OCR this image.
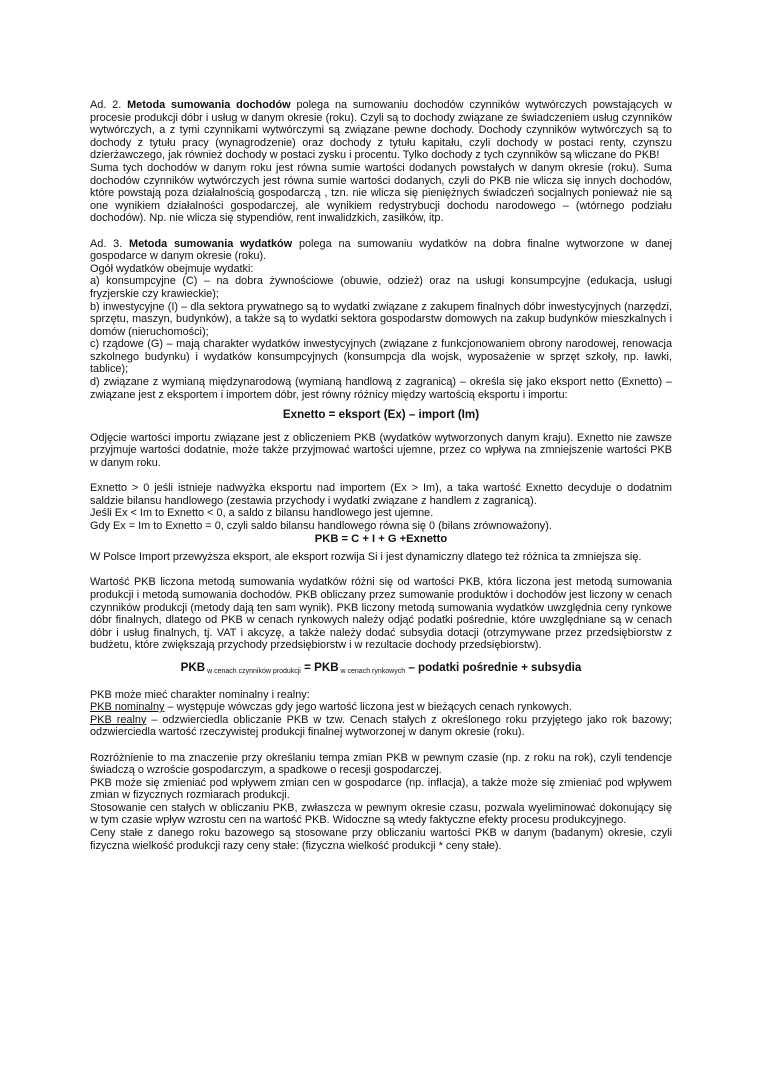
Ad. 2. Metoda sumowania dochodów polega na sumowaniu dochodów czynników wytwórczych powstających w procesie produkcji dóbr i usług w danym okresie (roku). Czyli są to dochody związane ze świadczeniem usług czynników wytwórczych, a z tymi czynnikami wytwórczymi są związane pewne dochody. Dochody czynników wytwórczych są to dochody z tytułu pracy (wynagrodzenie) oraz dochody z tytułu kapitału, czyli dochody w postaci renty, czynszu dzierżawczego, jak również dochody w postaci zysku i procentu. Tylko dochody z tych czynników są wliczane do PKB!

Suma tych dochodów w danym roku jest równa sumie wartości dodanych powstałych w danym okresie (roku). Suma dochodów czynników wytwórczych jest równa sumie wartości dodanych, czyli do PKB nie wlicza się innych dochodów, które powstają poza działalnością gospodarczą , tzn. nie wlicza się pieniężnych świadczeń socjalnych ponieważ nie są one wynikiem działalności gospodarczej, ale wynikiem redystrybucji dochodu narodowego – (wtórnego podziału dochodów). Np. nie wlicza się stypendiów, rent inwalidzkich, zasiłków, itp.

Ad. 3. Metoda sumowania wydatków polega na sumowaniu wydatków na dobra finalne wytworzone w danej gospodarce w danym okresie (roku).

Ogół wydatków obejmuje wydatki:

a) konsumpcyjne (C) – na dobra żywnościowe (obuwie, odzież) oraz na usługi konsumpcyjne (edukacja, usługi fryzjerskie czy krawieckie);

b) inwestycyjne (I) – dla sektora prywatnego są to wydatki związane z zakupem finalnych dóbr inwestycyjnych (narzędzi, sprzętu, maszyn, budynków), a także są to wydatki sektora gospodarstw domowych na zakup budynków mieszkalnych i domów (nieruchomości);

c) rządowe (G) – mają charakter wydatków inwestycyjnych (związane z funkcjonowaniem obrony narodowej, renowacja szkolnego budynku) i wydatków konsumpcyjnych (konsumpcja dla wojsk, wyposażenie w sprzęt szkoły, np. ławki, tablice);

d) związane z wymianą międzynarodową (wymianą handlową z zagranicą) – określa się jako eksport netto (Exnetto) – związane jest z eksportem i importem dóbr, jest równy różnicy między wartością eksportu i importu:

Exnetto = eksport (Ex) – import (Im)

Odjęcie wartości importu związane jest z obliczeniem PKB (wydatków wytworzonych danym kraju). Exnetto nie zawsze przyjmuje wartości dodatnie, może także przyjmować wartości ujemne, przez co wpływa na zmniejszenie wartości PKB w danym roku.

Exnetto > 0 jeśli istnieje nadwyżka eksportu nad importem (Ex > Im), a taka wartość Exnetto decyduje o dodatnim saldzie bilansu handlowego (zestawia przychody i wydatki związane z handlem z zagranicą).

Jeśli Ex < Im to Exnetto < 0, a saldo z bilansu handlowego jest ujemne.

Gdy Ex = Im to Exnetto = 0, czyli saldo bilansu handlowego równa się 0 (bilans zrównoważony).

PKB = C + I + G +Exnetto

W Polsce Import przewyższa eksport, ale eksport rozwija Si i jest dynamiczny dlatego też różnica ta zmniejsza się.

Wartość PKB liczona metodą sumowania wydatków różni się od wartości PKB, która liczona jest metodą sumowania produkcji i metodą sumowania dochodów. PKB obliczany przez sumowanie produktów i dochodów jest liczony w cenach czynników produkcji (metody dają ten sam wynik). PKB liczony metodą sumowania wydatków uwzględnia ceny rynkowe dóbr finalnych, dlatego od PKB w cenach rynkowych należy odjąć podatki pośrednie, które uwzględniane są w cenach dóbr i usług finalnych, tj. VAT i akcyzę, a także należy dodać subsydia dotacji (otrzymywane przez przedsiębiorstw z budżetu, które zwiększają przychody przedsiębiorstw i w rezultacie dochody przedsiębiorstw).

PKB $_{w cenach czynników produkcji}$ = PKB $_{w cenach rynkowych}$ – podatki pośrednie + subsydia

PKB może mieć charakter nominalny i realny:

PKB nominalny – występuje wówczas gdy jego wartość liczona jest w bieżących cenach rynkowych.

PKB realny – odzwierciedla obliczanie PKB w tzw. Cenach stałych z określonego roku przyjętego jako rok bazowy; odzwierciedla wartość rzeczywistej produkcji finalnej wytworzonej w danym okresie (roku).

Rozróżnienie to ma znaczenie przy określaniu tempa zmian PKB w pewnym czasie (np. z roku na rok), czyli tendencje świadczą o wzroście gospodarczym, a spadkowe o recesji gospodarczej.

PKB może się zmieniać pod wpływem zmian cen w gospodarce (np. inflacja), a także może się zmieniać pod wpływem zmian w fizycznych rozmiarach produkcji.

Stosowanie cen stałych w obliczaniu PKB, zwłaszcza w pewnym okresie czasu, pozwala wyeliminować dokonujący się w tym czasie wpływ wzrostu cen na wartość PKB. Widoczne są wtedy faktyczne efekty procesu produkcyjnego.

Ceny stałe z danego roku bazowego są stosowane przy obliczaniu wartości PKB w danym (badanym) okresie, czyli fizyczna wielkość produkcji razy ceny stałe: (fizyczna wielkość produkcji * ceny stałe).
